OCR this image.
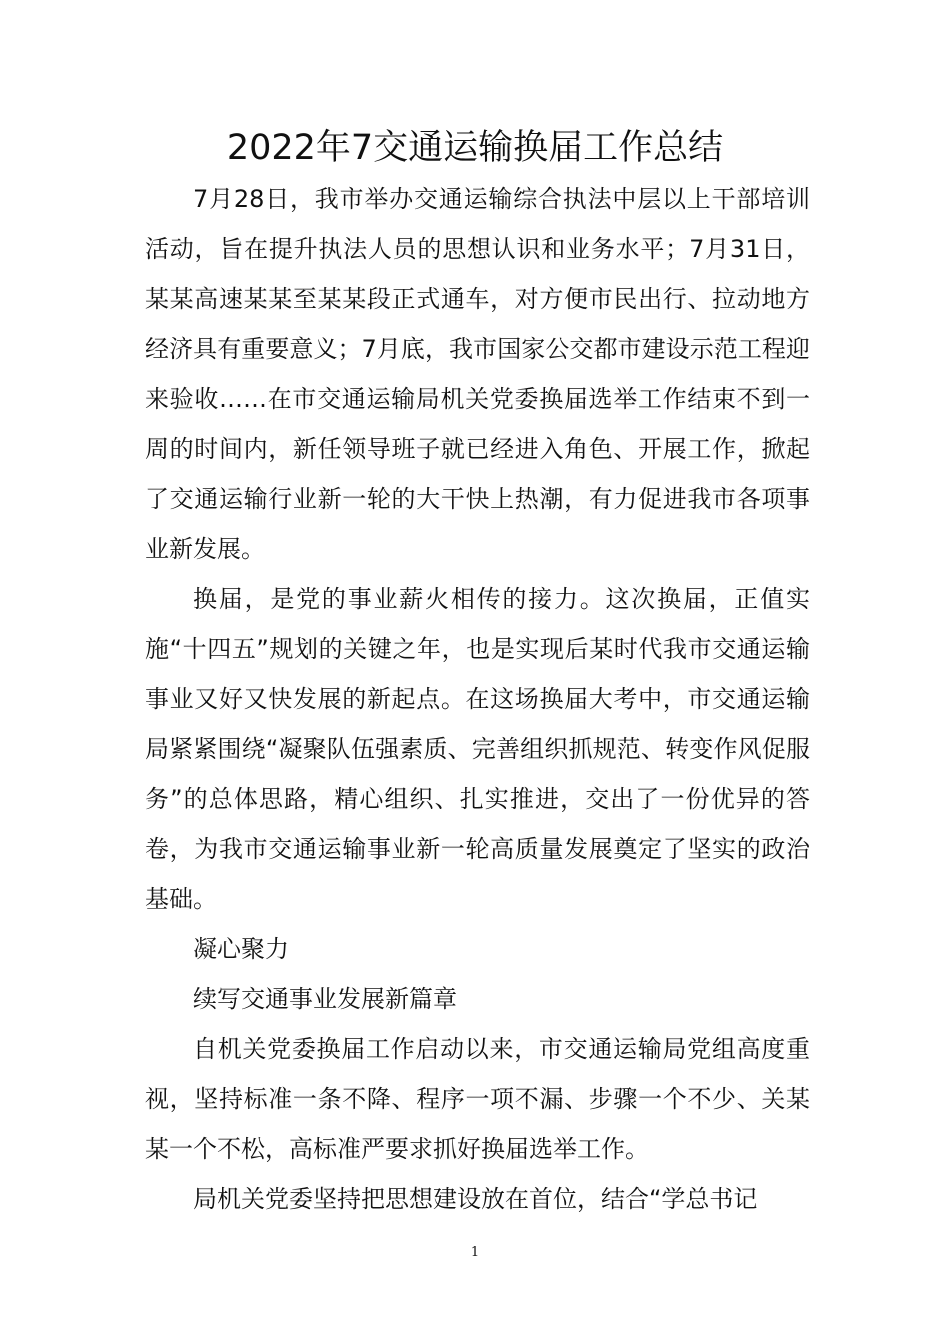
2022年7交通运输换届工作总结

7月28日，我市举办交通运输综合执法中层以上干部培训活动，旨在提升执法人员的思想认识和业务水平；7月31日，某某高速某某至某某段正式通车，对方便市民出行、拉动地方经济具有重要意义；7月底，我市国家公交都市建设示范工程迎来验收……在市交通运输局机关党委换届选举工作结束不到一周的时间内，新任领导班子就已经进入角色、开展工作，掀起了交通运输行业新一轮的大干快上热潮，有力促进我市各项事业新发展。

换届，是党的事业薪火相传的接力。这次换届，正值实施“十四五”规划的关键之年，也是实现后某时代我市交通运输事业又好又快发展的新起点。在这场换届大考中，市交通运输局紧紧围绕“凝聚队伍强素质、完善组织抓规范、转变作风促服务”的总体思路，精心组织、扎实推进，交出了一份优异的答卷，为我市交通运输事业新一轮高质量发展奠定了坚实的政治基础。

凝心聚力

续写交通事业发展新篇章

自机关党委换届工作启动以来，市交通运输局党组高度重视，坚持标准一条不降、程序一项不漏、步骤一个不少、关某某一个不松，高标准严要求抓好换届选举工作。

局机关党委坚持把思想建设放在首位，结合“学总书记

1
